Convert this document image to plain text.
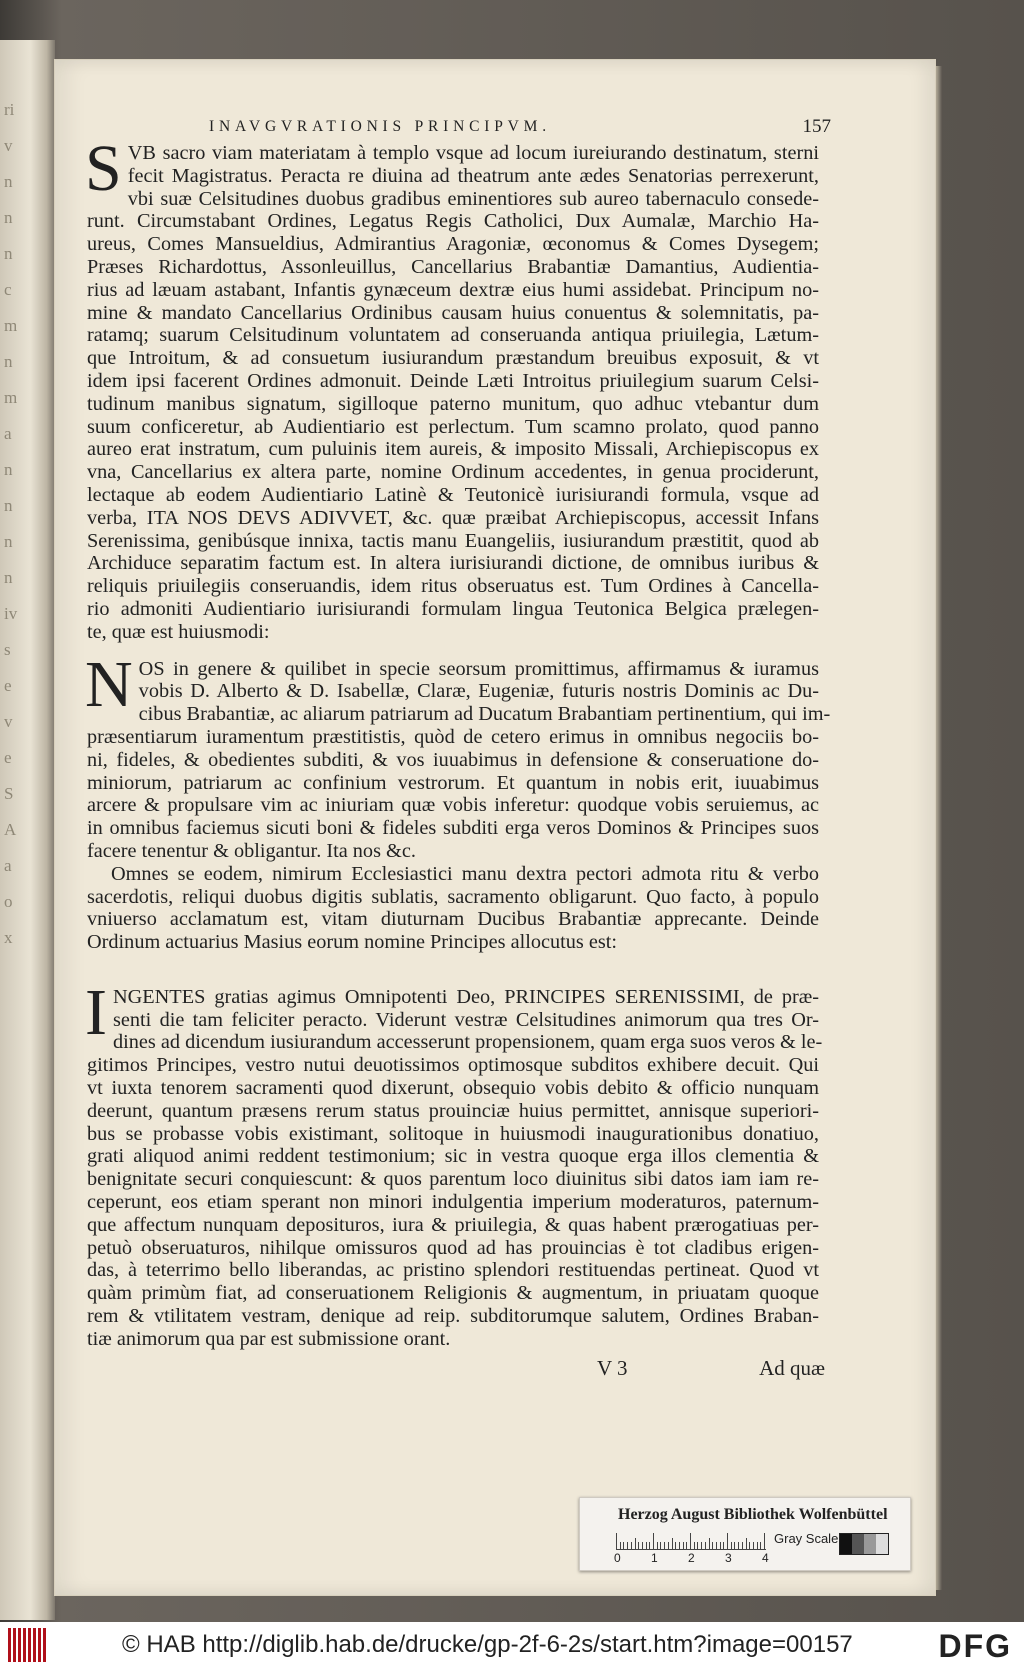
ri
v
n
n
n
c
m
n
m
a
n
n
n
n
iv
s
e
v
e
S
A
a
o
x
INAVGVRATIONIS PRINCIPVM.	157
S VB sacro viam materiatam à templo vsque ad locum iureiurando destinatum, sterni
fecit Magistratus. Peracta re diuina ad theatrum ante ædes Senatorias perrexerunt,
vbi suæ Celsitudines duobus gradibus eminentiores sub aureo tabernaculo consede-
runt. Circumstabant Ordines, Legatus Regis Catholici, Dux Aumalæ, Marchio Ha-
ureus, Comes Mansueldius, Admirantius Aragoniæ, œconomus & Comes Dysegem;
Præses Richardottus, Assonleuillus, Cancellarius Brabantiæ Damantius, Audientia-
rius ad læuam astabant, Infantis gynæceum dextræ eius humi assidebat. Principum no-
mine & mandato Cancellarius Ordinibus causam huius conuentus & solemnitatis, pa-
ratamq; suarum Celsitudinum voluntatem ad conseruanda antiqua priuilegia, Lætum-
que Introitum, & ad consuetum iusiurandum præstandum breuibus exposuit, & vt
idem ipsi facerent Ordines admonuit. Deinde Læti Introitus priuilegium suarum Celsi-
tudinum manibus signatum, sigilloque paterno munitum, quo adhuc vtebantur dum
suum conficeretur, ab Audientiario est perlectum. Tum scamno prolato, quod panno
aureo erat instratum, cum puluinis item aureis, & imposito Missali, Archiepiscopus ex
vna, Cancellarius ex altera parte, nomine Ordinum accedentes, in genua prociderunt,
lectaque ab eodem Audientiario Latinè & Teutonicè iurisiurandi formula, vsque ad
verba, ITA NOS DEVS ADIVVET, &c. quæ præibat Archiepiscopus, accessit Infans
Serenissima, genibúsque innixa, tactis manu Euangeliis, iusiurandum præstitit, quod ab
Archiduce separatim factum est. In altera iurisiurandi dictione, de omnibus iuribus &
reliquis priuilegiis conseruandis, idem ritus obseruatus est. Tum Ordines à Cancella-
rio admoniti Audientiario iurisiurandi formulam lingua Teutonica Belgica prælegen-
te, quæ est huiusmodi:
N OS in genere & quilibet in specie seorsum promittimus, affirmamus & iuramus
vobis D. Alberto & D. Isabellæ, Claræ, Eugeniæ, futuris nostris Dominis ac Du-
cibus Brabantiæ, ac aliarum patriarum ad Ducatum Brabantiam pertinentium, qui im-
præsentiarum iuramentum præstitistis, quòd de cetero erimus in omnibus negociis bo-
ni, fideles, & obedientes subditi, & vos iuuabimus in defensione & conseruatione do-
miniorum, patriarum ac confinium vestrorum. Et quantum in nobis erit, iuuabimus
arcere & propulsare vim ac iniuriam quæ vobis inferetur: quodque vobis seruiemus, ac
in omnibus faciemus sicuti boni & fideles subditi erga veros Dominos & Principes suos
facere tenentur & obligantur. Ita nos &c.
Omnes se eodem, nimirum Ecclesiastici manu dextra pectori admota ritu & verbo
sacerdotis, reliqui duobus digitis sublatis, sacramento obligarunt. Quo facto, à populo
vniuerso acclamatum est, vitam diuturnam Ducibus Brabantiæ apprecante. Deinde
Ordinum actuarius Masius eorum nomine Principes allocutus est:
I NGENTES gratias agimus Omnipotenti Deo, PRINCIPES SERENISSIMI, de præ-
senti die tam feliciter peracto. Viderunt vestræ Celsitudines animorum qua tres Or-
dines ad dicendum iusiurandum accesserunt propensionem, quam erga suos veros & le-
gitimos Principes, vestro nutui deuotissimos optimosque subditos exhibere decuit. Qui
vt iuxta tenorem sacramenti quod dixerunt, obsequio vobis debito & officio nunquam
deerunt, quantum præsens rerum status prouinciæ huius permittet, annisque superiori-
bus se probasse vobis existimant, solitoque in huiusmodi inaugurationibus donatiuo,
grati aliquod animi reddent testimonium; sic in vestra quoque erga illos clementia &
benignitate securi conquiescunt: & quos parentum loco diuinitus sibi datos iam iam re-
ceperunt, eos etiam sperant non minori indulgentia imperium moderaturos, paternum-
que affectum nunquam deposituros, iura & priuilegia, & quas habent prærogatiuas per-
petuò obseruaturos, nihilque omissuros quod ad has prouincias è tot cladibus erigen-
das, à teterrimo bello liberandas, ac pristino splendori restituendas pertineat. Quod vt
quàm primùm fiat, ad conseruationem Religionis & augmentum, in priuatam quoque
rem & vtilitatem vestram, denique ad reip. subditorumque salutem, Ordines Braban-
tiæ animorum qua par est submissione orant.
V 3	Ad quæ
Herzog August Bibliothek Wolfenbüttel
0	1	2	3	4
Gray Scale
© HAB http://diglib.hab.de/drucke/gp-2f-6-2s/start.htm?image=00157	DFG
